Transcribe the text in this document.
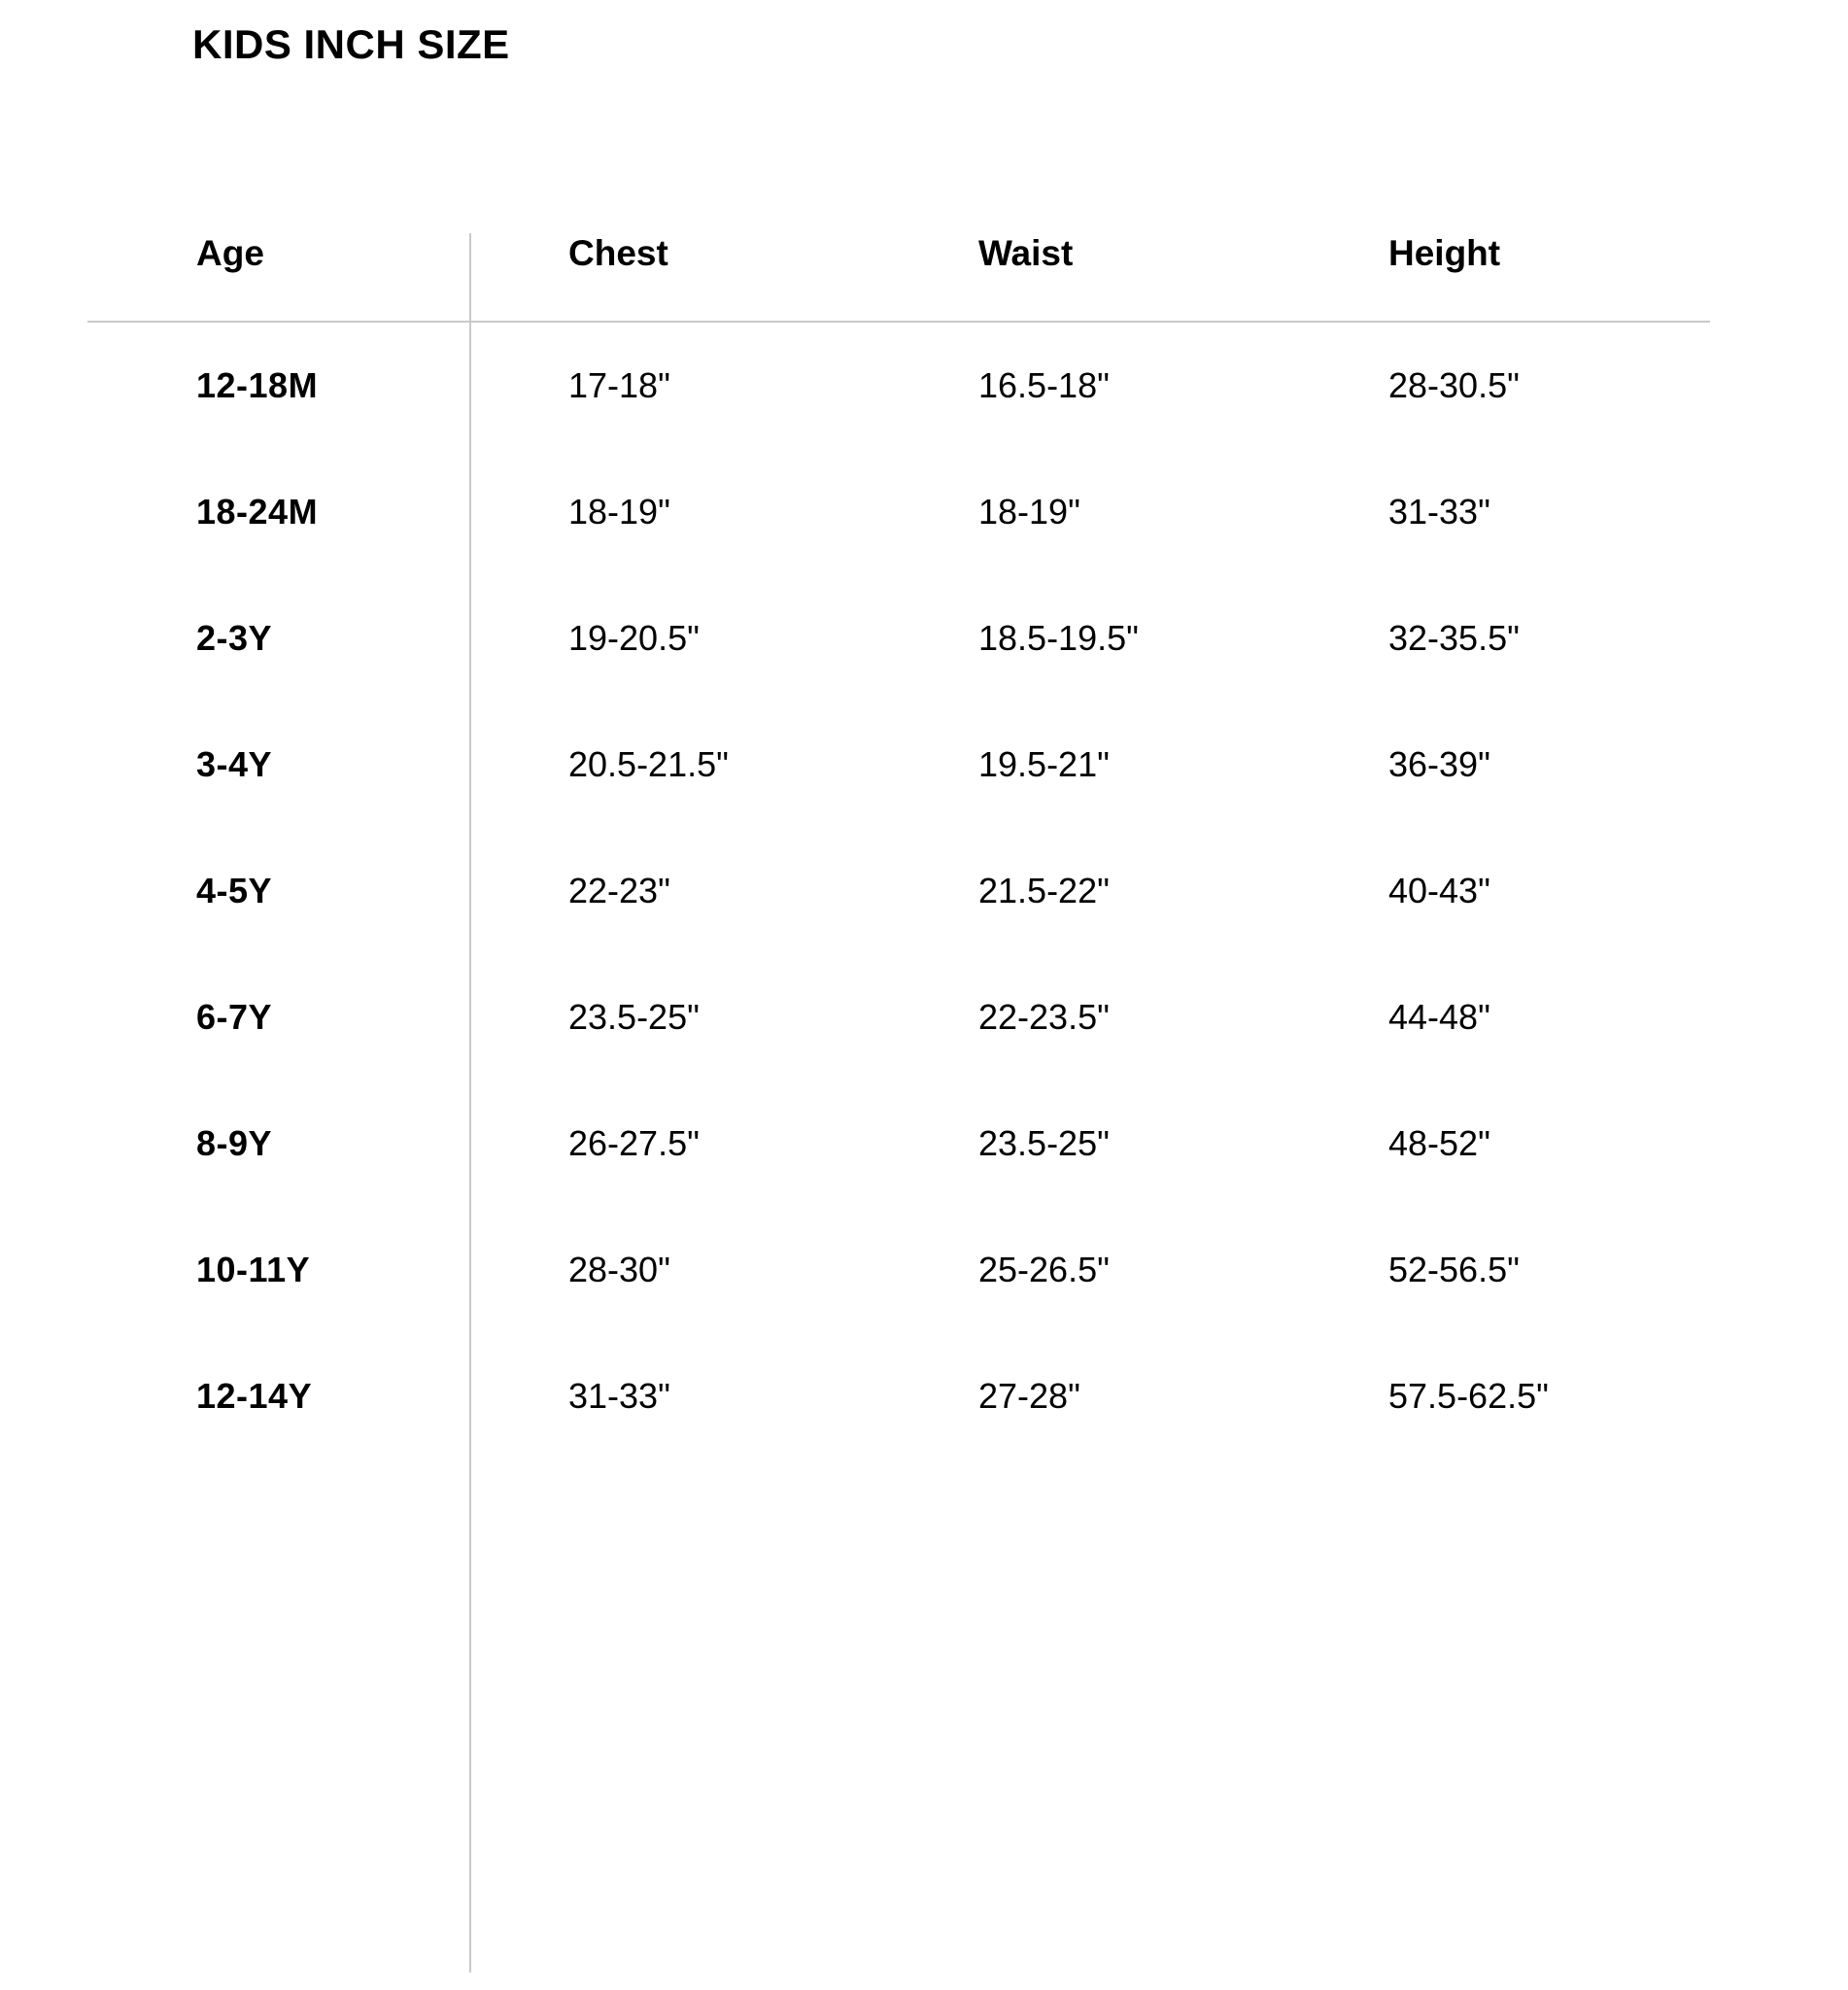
KIDS INCH SIZE
Age	Chest	Waist	Height
12-18M	17-18"	16.5-18"	28-30.5"
18-24M	18-19"	18-19"	31-33"
2-3Y	19-20.5"	18.5-19.5"	32-35.5"
3-4Y	20.5-21.5"	19.5-21"	36-39"
4-5Y	22-23"	21.5-22"	40-43"
6-7Y	23.5-25"	22-23.5"	44-48"
8-9Y	26-27.5"	23.5-25"	48-52"
10-11Y	28-30"	25-26.5"	52-56.5"
12-14Y	31-33"	27-28"	57.5-62.5"
